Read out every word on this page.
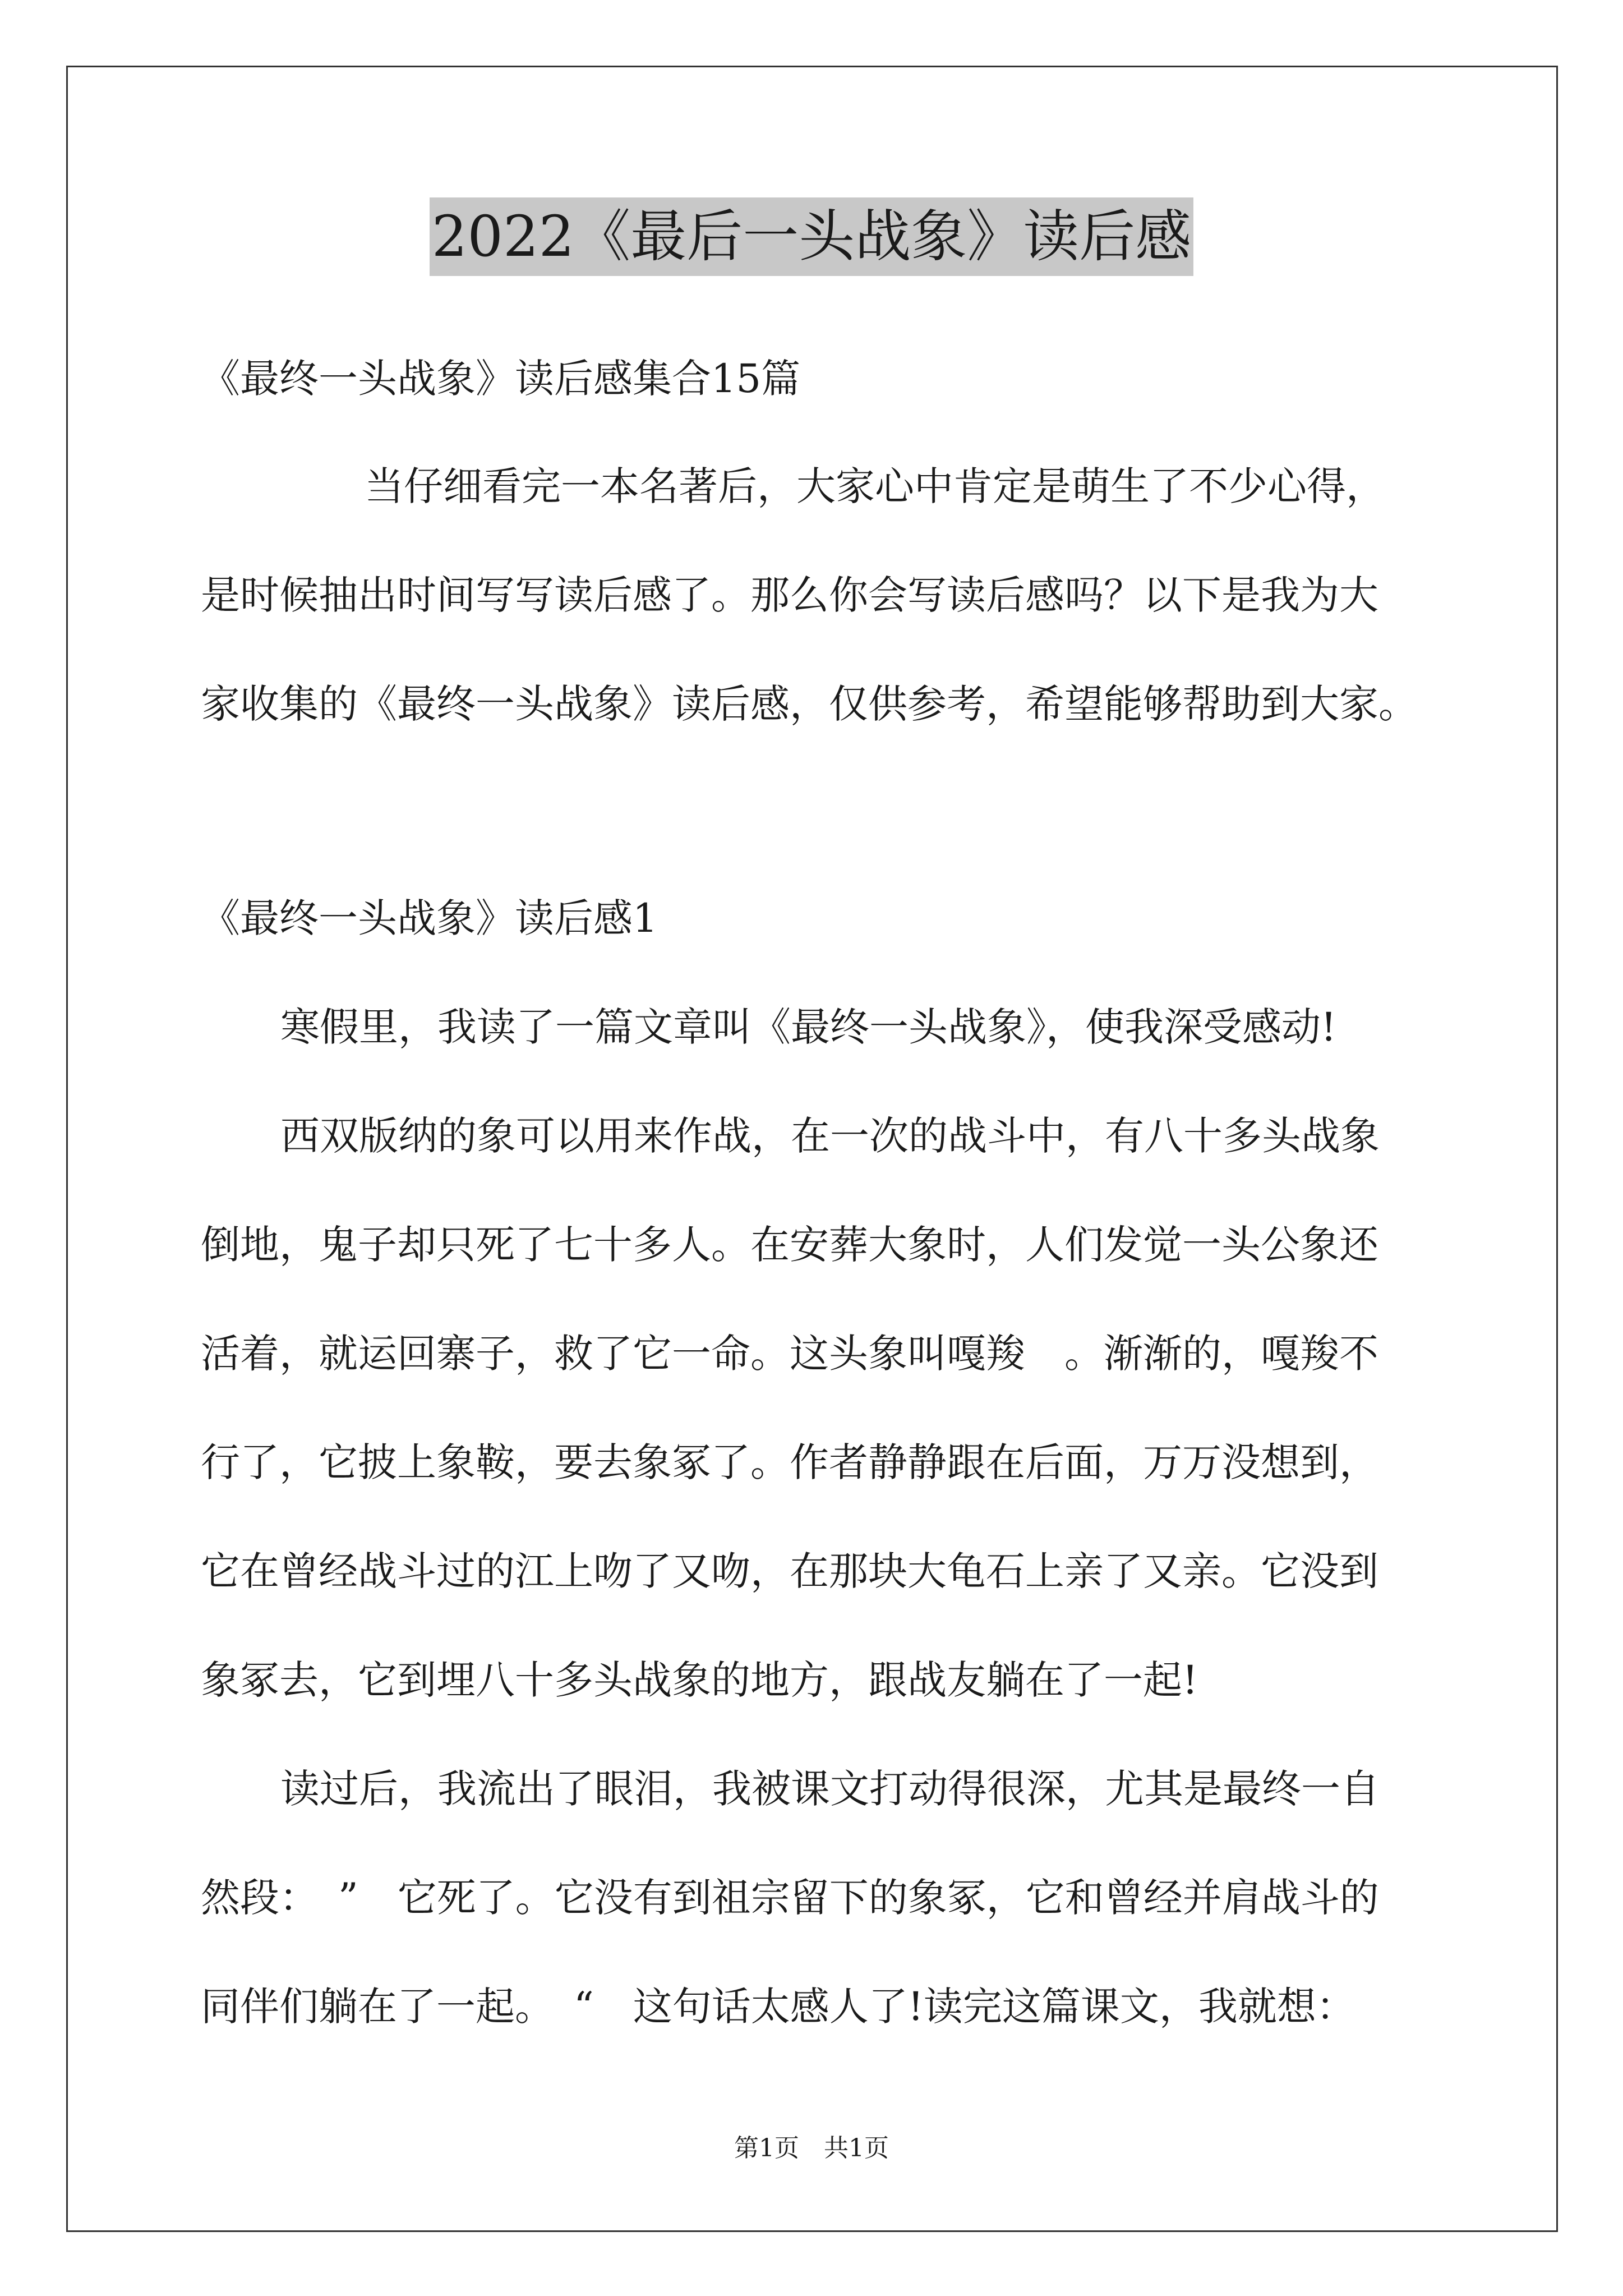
2022《最后一头战象》读后感
《最终一头战象》读后感集合15篇
当仔细看完一本名著后，大家心中肯定是萌生了不少心得，
是时候抽出时间写写读后感了。那么你会写读后感吗？以下是我为大
家收集的《最终一头战象》读后感，仅供参考，希望能够帮助到大家。
《最终一头战象》读后感1
寒假里，我读了一篇文章叫《最终一头战象》，使我深受感动!
西双版纳的象可以用来作战，在一次的战斗中，有八十多头战象
倒地，鬼子却只死了七十多人。在安葬大象时，人们发觉一头公象还
活着，就运回寨子，救了它一命。这头象叫嘎羧　。渐渐的，嘎羧不
行了，它披上象鞍，要去象冢了。作者静静跟在后面，万万没想到，
它在曾经战斗过的江上吻了又吻，在那块大龟石上亲了又亲。它没到
象冢去，它到埋八十多头战象的地方，跟战友躺在了一起!
读过后，我流出了眼泪，我被课文打动得很深，尤其是最终一自
然段：　”　它死了。它没有到祖宗留下的象冢，它和曾经并肩战斗的
同伴们躺在了一起。　“　这句话太感人了!读完这篇课文，我就想：
第1页　共1页
